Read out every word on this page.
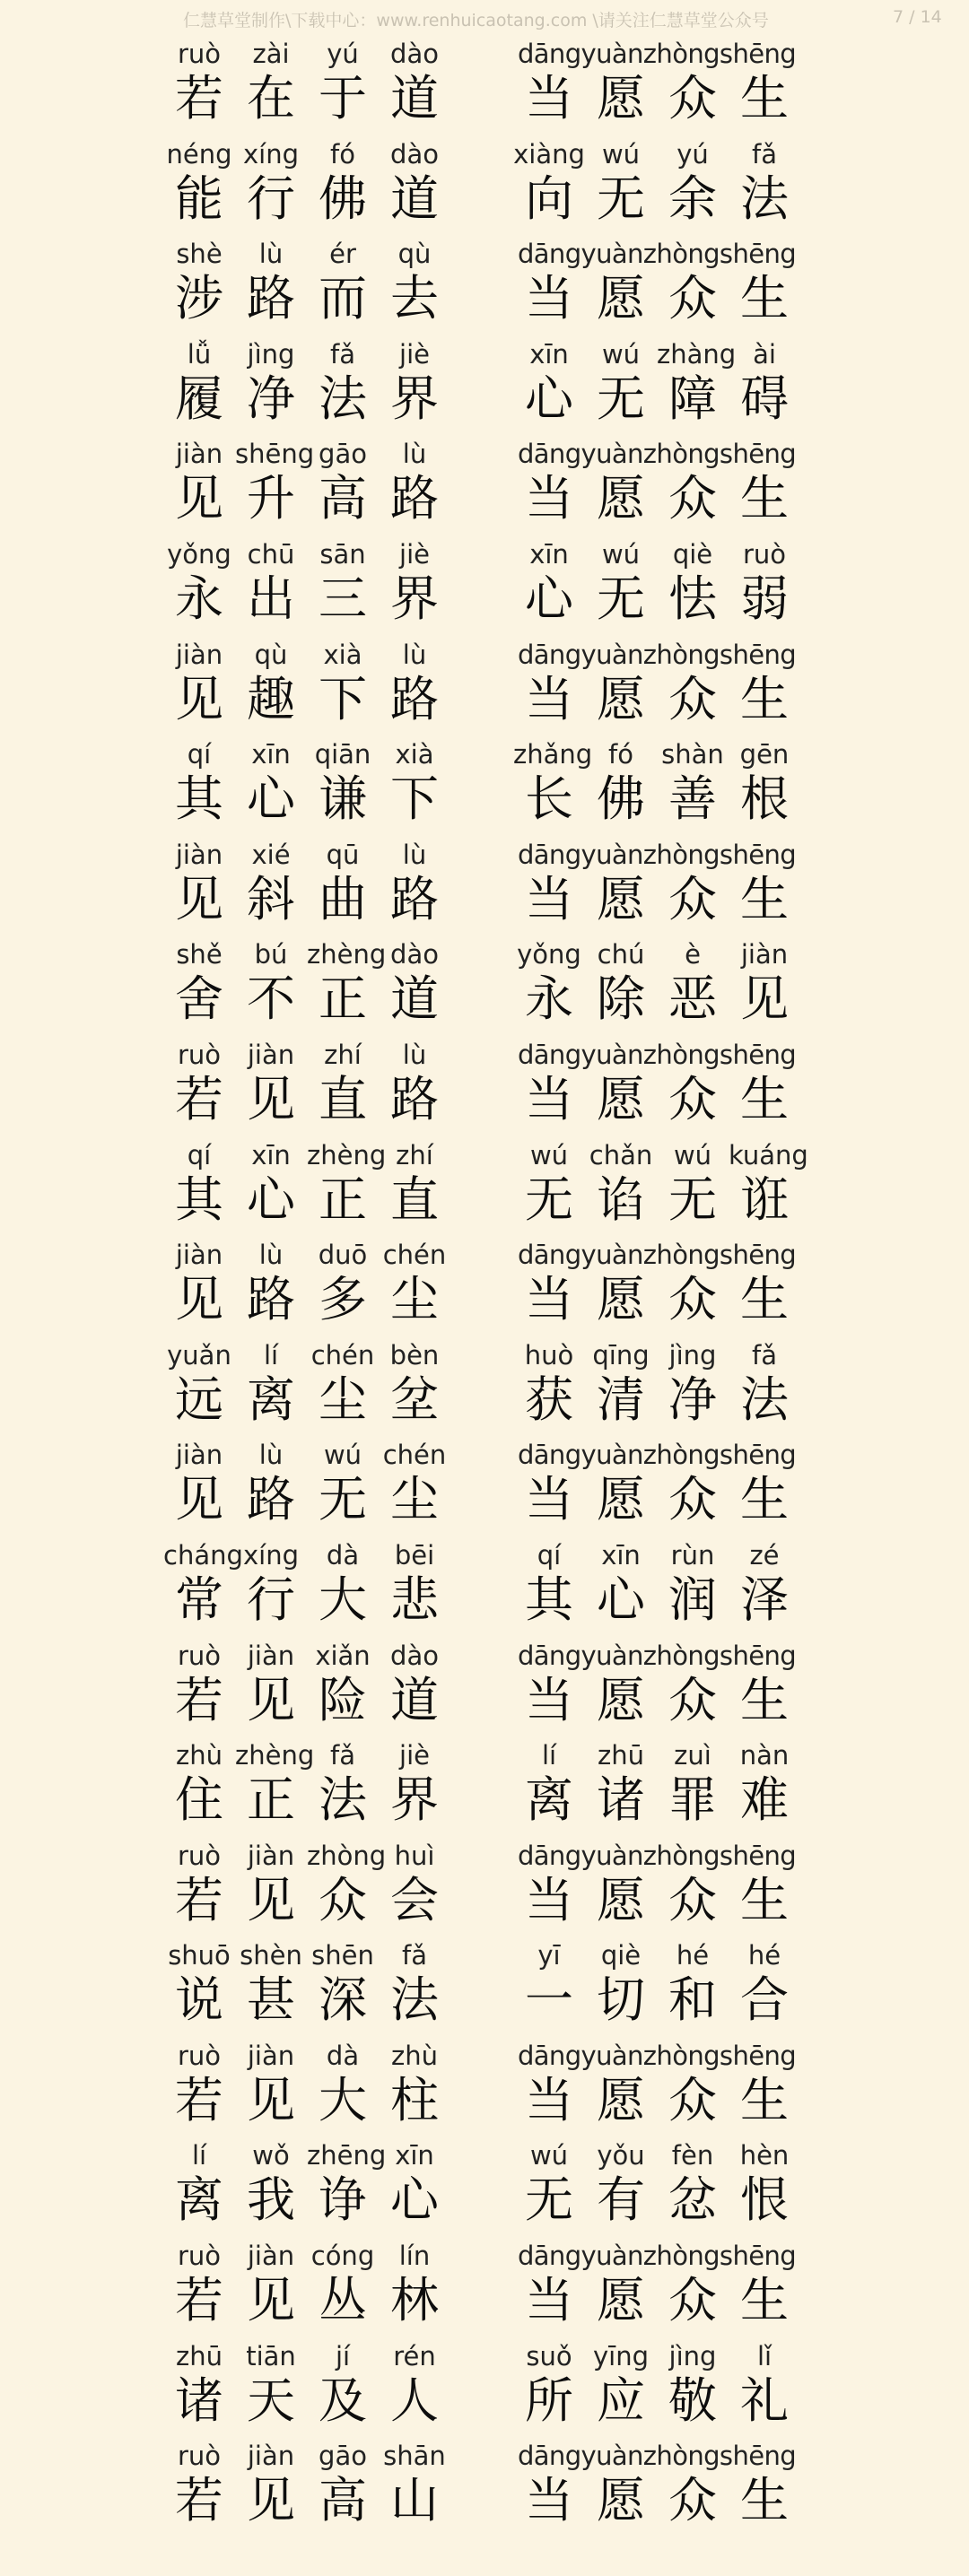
仁慧草堂制作\下载中心：www.renhuicaotang.com \请关注仁慧草堂公众号	7 / 14
ruò	zài	yú	dào
若 在 于 道
dāngyuànzhòngshēng
当 愿 众 生
néng xíng	fó	dào
能 行 佛 道
xiàng wú	yú	fǎ
向 无 余 法
shè	lù	ér	qù
涉 路 而 去
dāngyuànzhòngshēng
当 愿 众 生
lǚ	jìng	fǎ	jiè
履 净 法 界
xīn	wú zhàng ài
心 无 障 碍
jiàn shēng gāo	lù
见 升 高 路
dāngyuànzhòngshēng
当 愿 众 生
yǒng chū sān	jiè
永 出 三 界
xīn	wú	qiè	ruò
心 无 怯 弱
jiàn	qù	xià	lù
见 趣 下 路
dāngyuànzhòngshēng
当 愿 众 生
qí	xīn qiān xià
其 心 谦 下
zhǎng fó	shàn gēn
长 佛 善 根
jiàn	xié	qū	lù
见 斜 曲 路
dāngyuànzhòngshēng
当 愿 众 生
shě	bú zhèng dào
舍 不 正 道
yǒng chú	è	jiàn
永 除 恶 见
ruò	jiàn	zhí	lù
若 见 直 路
dāngyuànzhòngshēng
当 愿 众 生
qí	xīn zhèng zhí
其 心 正 直
wú chǎn wú kuáng
无 谄 无 诳
jiàn	lù	duō chén
见 路 多 尘
dāngyuànzhòngshēng
当 愿 众 生
yuǎn	lí	chén bèn
远 离 尘 坌
huò qīng jìng	fǎ
获 清 净 法
jiàn	lù	wú chén
见 路 无 尘
dāngyuànzhòngshēng
当 愿 众 生
cháng xíng	dà	bēi
常 行 大 悲
qí	xīn	rùn	zé
其 心 润 泽
ruò	jiàn xiǎn dào
若 见 险 道
dāngyuànzhòngshēng
当 愿 众 生
zhù zhèng fǎ	jiè
住 正 法 界
lí	zhū	zuì	nàn
离 诸 罪 难
ruò	jiàn zhòng huì
若 见 众 会
dāngyuànzhòngshēng
当 愿 众 生
shuō shèn shēn	fǎ
说 甚 深 法
yī	qiè	hé	hé
一 切 和 合
ruò	jiàn	dà	zhù
若 见 大 柱
dāngyuànzhòngshēng
当 愿 众 生
lí	wǒ zhēng xīn
离 我 诤 心
wú	yǒu	fèn	hèn
无 有 忿 恨
ruò	jiàn cóng lín
若 见 丛 林
dāngyuànzhòngshēng
当 愿 众 生
zhū tiān	jí	rén
诸 天 及 人
suǒ yīng jìng	lǐ
所 应 敬 礼
ruò	jiàn gāo shān
若 见 高 山
dāngyuànzhòngshēng
当 愿 众 生
